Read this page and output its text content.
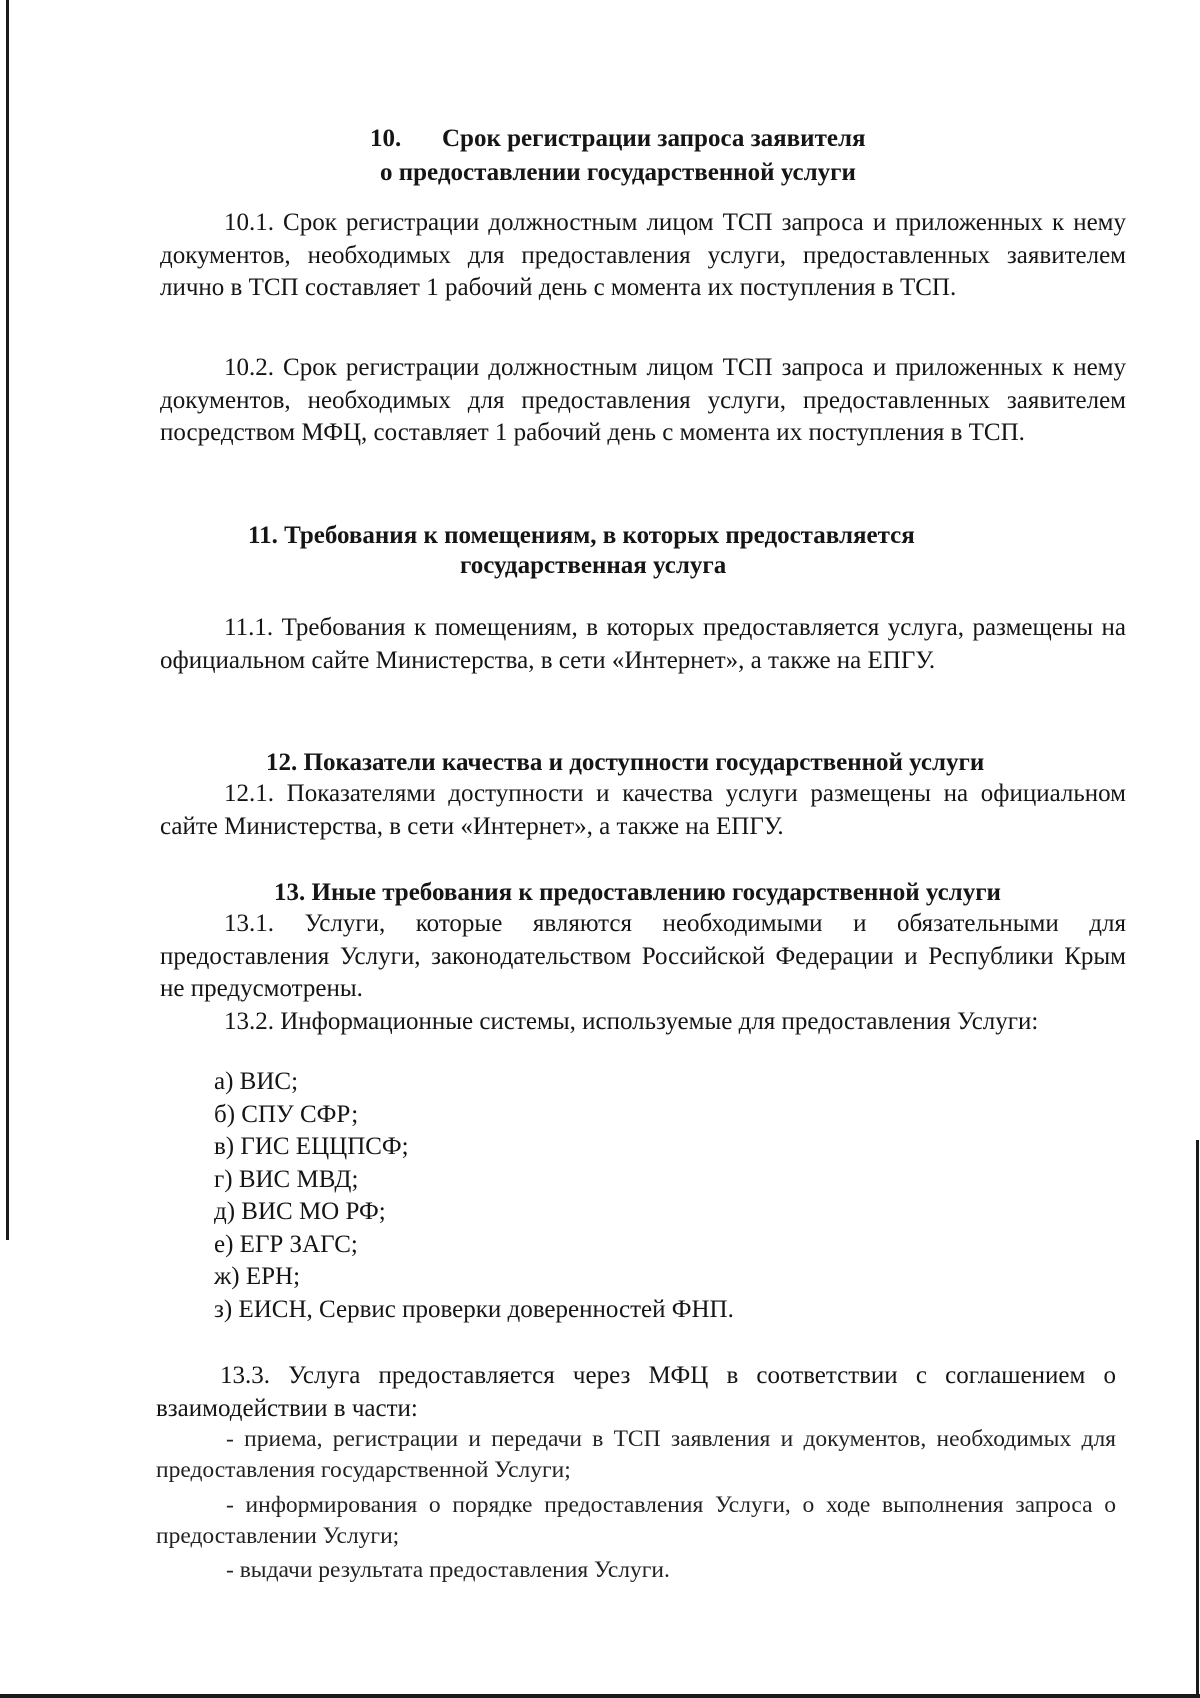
10. Срок регистрации запроса заявителя
о предоставлении государственной услуги

10.1. Срок регистрации должностным лицом ТСП запроса и приложенных к нему документов, необходимых для предоставления услуги, предоставленных заявителем лично в ТСП составляет 1 рабочий день с момента их поступления в ТСП.

10.2. Срок регистрации должностным лицом ТСП запроса и приложенных к нему документов, необходимых для предоставления услуги, предоставленных заявителем посредством МФЦ, составляет 1 рабочий день с момента их поступления в ТСП.

11. Требования к помещениям, в которых предоставляется
государственная услуга

11.1. Требования к помещениям, в которых предоставляется услуга, размещены на официальном сайте Министерства, в сети «Интернет», а также на ЕПГУ.

12. Показатели качества и доступности государственной услуги

12.1. Показателями доступности и качества услуги размещены на официальном сайте Министерства, в сети «Интернет», а также на ЕПГУ.

13. Иные требования к предоставлению государственной услуги

13.1. Услуги, которые являются необходимыми и обязательными для предоставления Услуги, законодательством Российской Федерации и Республики Крым не предусмотрены.

13.2. Информационные системы, используемые для предоставления Услуги:

а) ВИС;
б) СПУ СФР;
в) ГИС ЕЦЦПСФ;
г) ВИС МВД;
д) ВИС МО РФ;
е) ЕГР ЗАГС;
ж) ЕРН;
з) ЕИСН, Сервис проверки доверенностей ФНП.

13.3. Услуга предоставляется через МФЦ в соответствии с соглашением о взаимодействии в части:

- приема, регистрации и передачи в ТСП заявления и документов, необходимых для предоставления государственной Услуги;

- информирования о порядке предоставления Услуги, о ходе выполнения запроса о предоставлении Услуги;

- выдачи результата предоставления Услуги.
